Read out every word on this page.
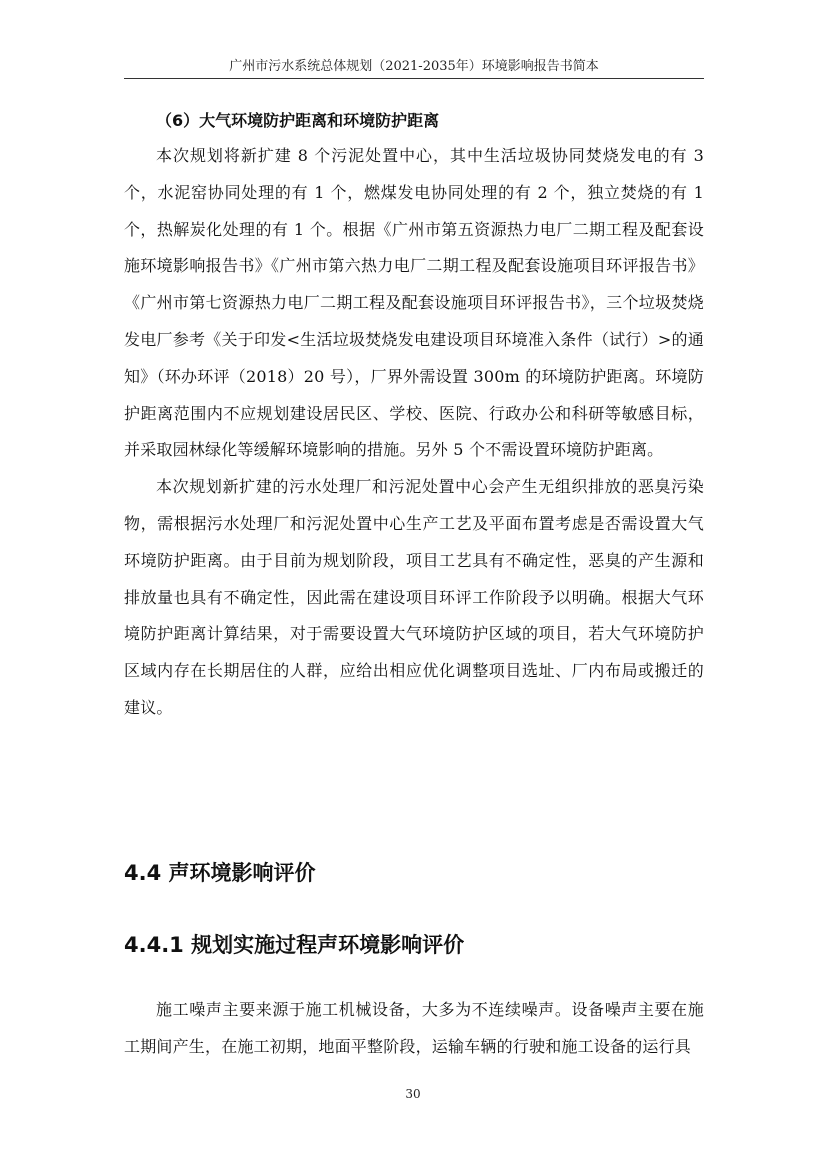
广州市污水系统总体规划（2021-2035年）环境影响报告书简本
（6）大气环境防护距离和环境防护距离

本次规划将新扩建 8 个污泥处置中心，其中生活垃圾协同焚烧发电的有 3 个，水泥窑协同处理的有 1 个，燃煤发电协同处理的有 2 个，独立焚烧的有 1 个，热解炭化处理的有 1 个。根据《广州市第五资源热力电厂二期工程及配套设施环境影响报告书》《广州市第六热力电厂二期工程及配套设施项目环评报告书》《广州市第七资源热力电厂二期工程及配套设施项目环评报告书》，三个垃圾焚烧发电厂参考《关于印发<生活垃圾焚烧发电建设项目环境准入条件（试行）>的通知》（环办环评（2018）20 号），厂界外需设置 300m 的环境防护距离。环境防护距离范围内不应规划建设居民区、学校、医院、行政办公和科研等敏感目标，并采取园林绿化等缓解环境影响的措施。另外 5 个不需设置环境防护距离。

本次规划新扩建的污水处理厂和污泥处置中心会产生无组织排放的恶臭污染物，需根据污水处理厂和污泥处置中心生产工艺及平面布置考虑是否需设置大气环境防护距离。由于目前为规划阶段，项目工艺具有不确定性，恶臭的产生源和排放量也具有不确定性，因此需在建设项目环评工作阶段予以明确。根据大气环境防护距离计算结果，对于需要设置大气环境防护区域的项目，若大气环境防护区域内存在长期居住的人群，应给出相应优化调整项目选址、厂内布局或搬迁的建议。

4.4 声环境影响评价
4.4.1 规划实施过程声环境影响评价

施工噪声主要来源于施工机械设备，大多为不连续噪声。设备噪声主要在施工期间产生，在施工初期，地面平整阶段，运输车辆的行驶和施工设备的运行具

30
